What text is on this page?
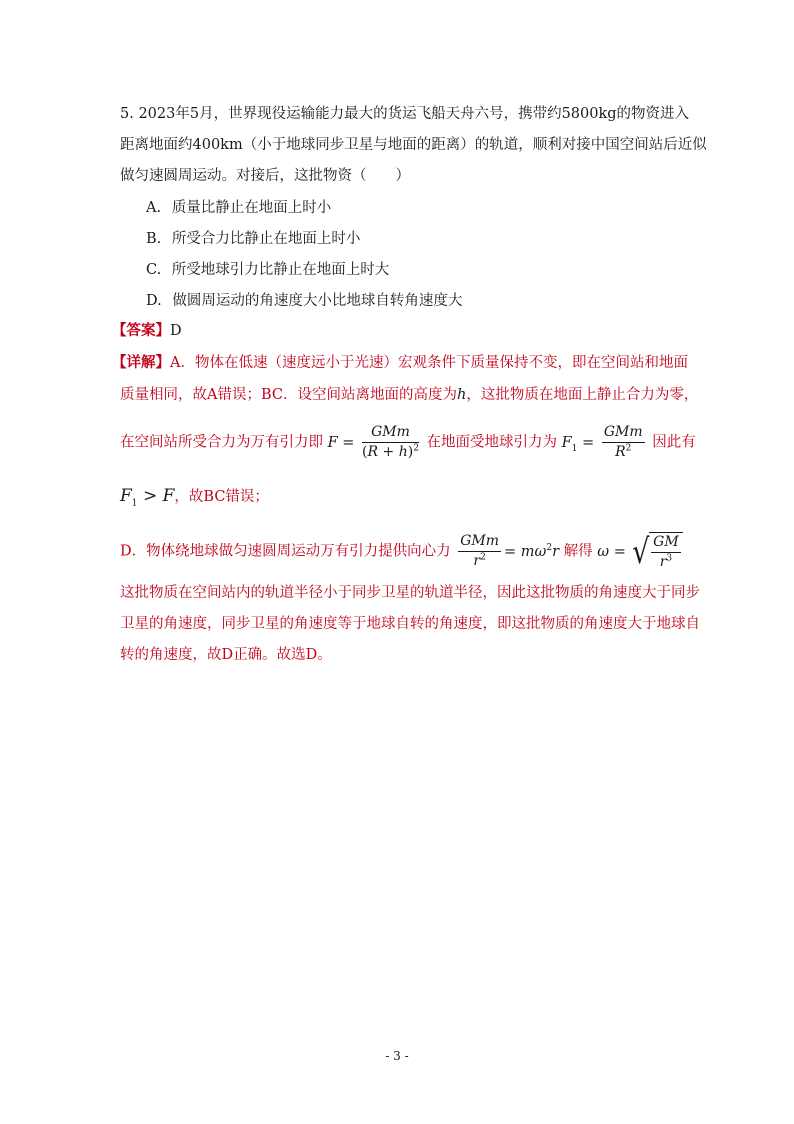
5. 2023年5月，世界现役运输能力最大的货运飞船天舟六号，携带约5800kg的物资进入
距离地面约400km（小于地球同步卫星与地面的距离）的轨道，顺利对接中国空间站后近似
做匀速圆周运动。对接后，这批物资（　　）
A. 质量比静止在地面上时小
B. 所受合力比静止在地面上时小
C. 所受地球引力比静止在地面上时大
D. 做圆周运动的角速度大小比地球自转角速度大
【答案】D
【详解】A．物体在低速（速度远小于光速）宏观条件下质量保持不变，即在空间站和地面
质量相同，故A错误；BC．设空间站离地面的高度为h，这批物质在地面上静止合力为零，
在空间站所受合力为万有引力即 $F = \frac{\text{GMm}}{(R + h)^2}$ 在地面受地球引力为 $F_1 = \frac{\text{GMm}}{R^2}$ 因此有
$F_1 > F$，故BC错误；
D．物体绕地球做匀速圆周运动万有引力提供向心力 $\frac{\text{GMm}}{r^2} = m\omega^2r$ 解得 ω = √ $\frac{GM}{r^3}$
这批物质在空间站内的轨道半径小于同步卫星的轨道半径，因此这批物质的角速度大于同步
卫星的角速度，同步卫星的角速度等于地球自转的角速度，即这批物质的角速度大于地球自
转的角速度，故D正确。故选D。
- 3 -
